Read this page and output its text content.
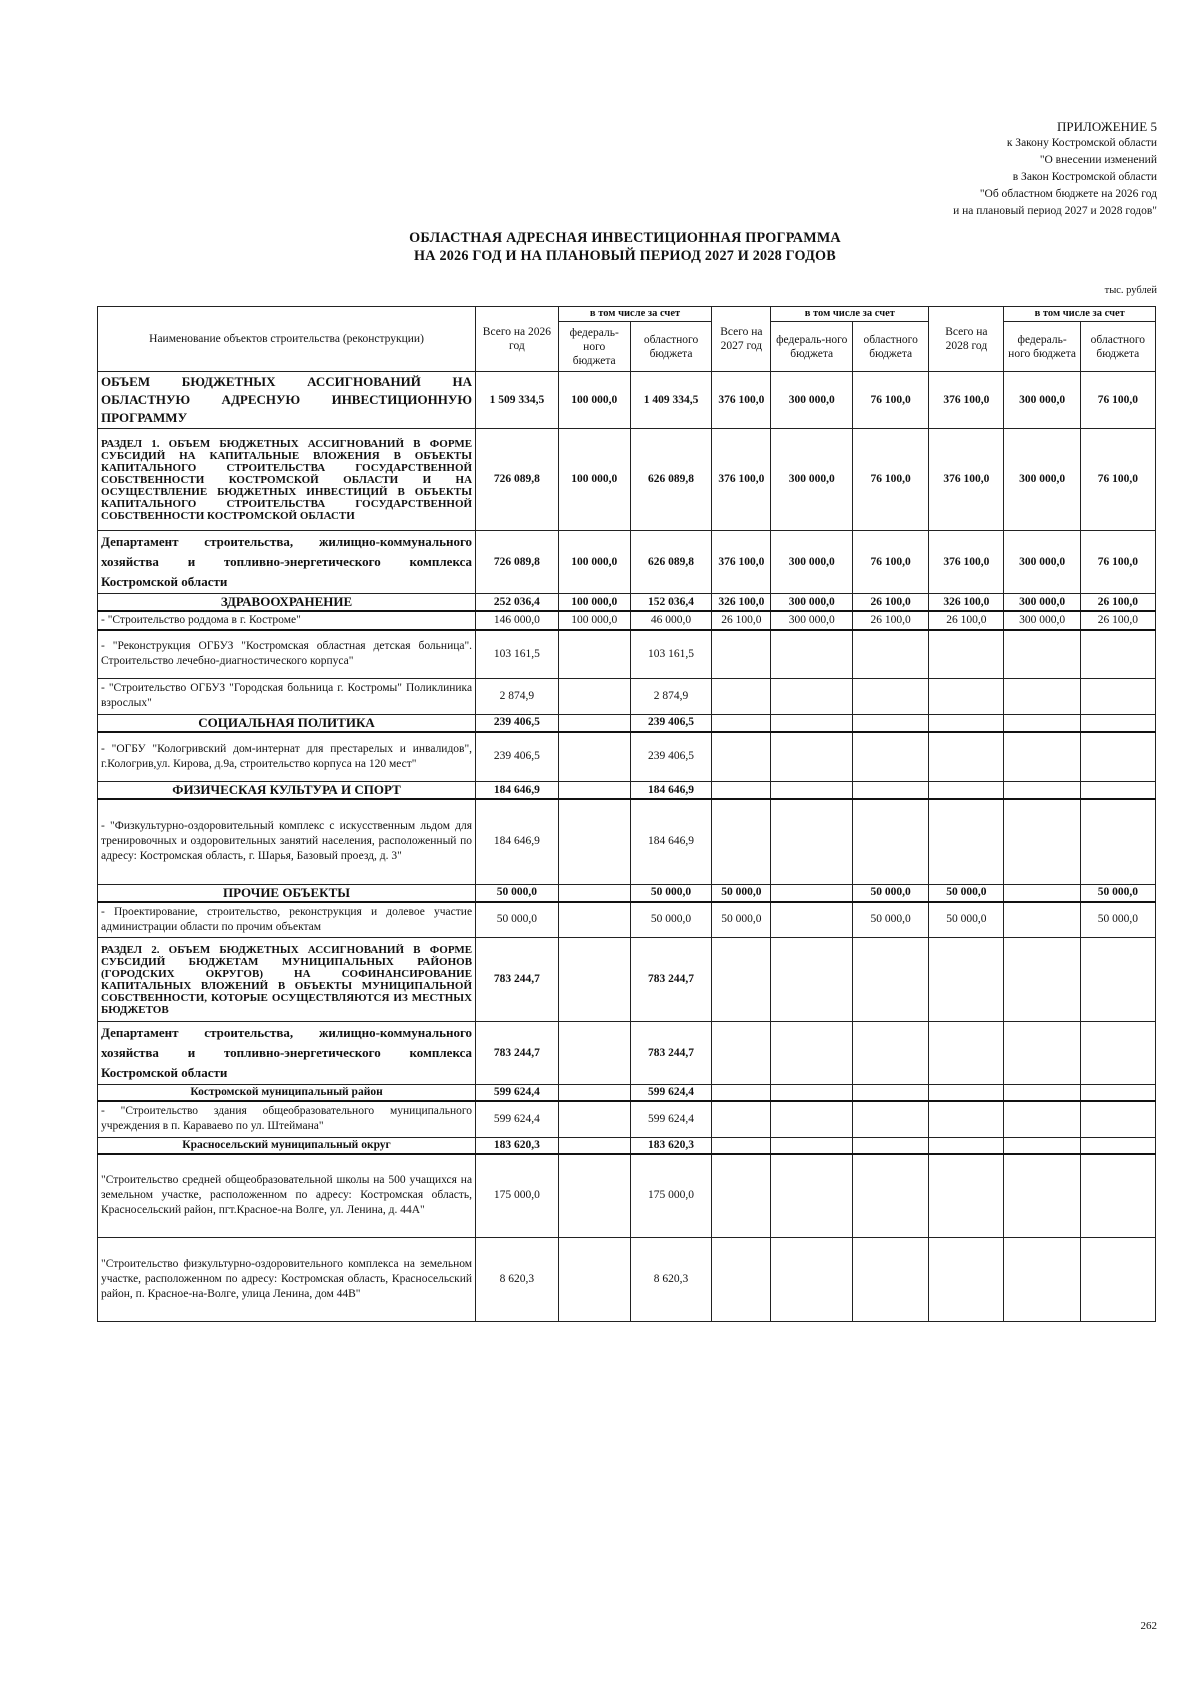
ПРИЛОЖЕНИЕ 5
к Закону Костромской области
"О внесении изменений
в Закон Костромской области
"Об областном бюджете на 2026 год
и на плановый период 2027 и 2028 годов"
ОБЛАСТНАЯ АДРЕСНАЯ ИНВЕСТИЦИОННАЯ ПРОГРАММА
НА 2026 ГОД И НА ПЛАНОВЫЙ ПЕРИОД 2027 И 2028 ГОДОВ
тыс. рублей
Наименование объектов строительства (реконструкции)	Всего на 2026 год	в том числе за счет		Всего на 2027 год	в том числе за счет		Всего на 2028 год	в том числе за счет	
		федераль-ного бюджета	областного бюджета		федераль-ного бюджета	областного бюджета		федераль-ного бюджета	областного бюджета
ОБЪЕМ БЮДЖЕТНЫХ АССИГНОВАНИЙ НА ОБЛАСТНУЮ АДРЕСНУЮ ИНВЕСТИЦИОННУЮ ПРОГРАММУ	1 509 334,5	100 000,0	1 409 334,5	376 100,0	300 000,0	76 100,0	376 100,0	300 000,0	76 100,0
РАЗДЕЛ 1. ОБЪЕМ БЮДЖЕТНЫХ АССИГНОВАНИЙ В ФОРМЕ СУБСИДИЙ НА КАПИТАЛЬНЫЕ ВЛОЖЕНИЯ В ОБЪЕКТЫ КАПИТАЛЬНОГО СТРОИТЕЛЬСТВА ГОСУДАРСТВЕННОЙ СОБСТВЕННОСТИ КОСТРОМСКОЙ ОБЛАСТИ И НА ОСУЩЕСТВЛЕНИЕ БЮДЖЕТНЫХ ИНВЕСТИЦИЙ В ОБЪЕКТЫ КАПИТАЛЬНОГО СТРОИТЕЛЬСТВА ГОСУДАРСТВЕННОЙ СОБСТВЕННОСТИ КОСТРОМСКОЙ ОБЛАСТИ	726 089,8	100 000,0	626 089,8	376 100,0	300 000,0	76 100,0	376 100,0	300 000,0	76 100,0
Департамент строительства, жилищно-коммунального хозяйства и топливно-энергетического комплекса Костромской области	726 089,8	100 000,0	626 089,8	376 100,0	300 000,0	76 100,0	376 100,0	300 000,0	76 100,0
ЗДРАВООХРАНЕНИЕ	252 036,4	100 000,0	152 036,4	326 100,0	300 000,0	26 100,0	326 100,0	300 000,0	26 100,0
- "Строительство роддома в г. Костроме"	146 000,0	100 000,0	46 000,0	26 100,0	300 000,0	26 100,0	26 100,0	300 000,0	26 100,0
- "Реконструкция ОГБУЗ "Костромская областная детская больница". Строительство лечебно-диагностического корпуса"	103 161,5		103 161,5						
- "Строительство ОГБУЗ "Городская больница г. Костромы" Поликлиника взрослых"	2 874,9		2 874,9						
СОЦИАЛЬНАЯ ПОЛИТИКА	239 406,5		239 406,5						
- "ОГБУ "Кологривский дом-интернат для престарелых и инвалидов", г.Кологрив,ул. Кирова, д.9а, строительство корпуса на 120 мест"	239 406,5		239 406,5						
ФИЗИЧЕСКАЯ КУЛЬТУРА И СПОРТ	184 646,9		184 646,9						
- "Физкультурно-оздоровительный комплекс с искусственным льдом для тренировочных и оздоровительных занятий населения, расположенный по адресу: Костромская область, г. Шарья, Базовый проезд, д. 3"	184 646,9		184 646,9						
ПРОЧИЕ ОБЪЕКТЫ	50 000,0		50 000,0	50 000,0		50 000,0	50 000,0		50 000,0
- Проектирование, строительство, реконструкция и долевое участие администрации области по прочим объектам	50 000,0		50 000,0	50 000,0		50 000,0	50 000,0		50 000,0
РАЗДЕЛ 2. ОБЪЕМ БЮДЖЕТНЫХ АССИГНОВАНИЙ В ФОРМЕ СУБСИДИЙ БЮДЖЕТАМ МУНИЦИПАЛЬНЫХ РАЙОНОВ (ГОРОДСКИХ ОКРУГОВ) НА СОФИНАНСИРОВАНИЕ КАПИТАЛЬНЫХ ВЛОЖЕНИЙ В ОБЪЕКТЫ МУНИЦИПАЛЬНОЙ СОБСТВЕННОСТИ, КОТОРЫЕ ОСУЩЕСТВЛЯЮТСЯ ИЗ МЕСТНЫХ БЮДЖЕТОВ	783 244,7		783 244,7						
Департамент строительства, жилищно-коммунального хозяйства и топливно-энергетического комплекса Костромской области	783 244,7		783 244,7						
Костромской муниципальный район	599 624,4		599 624,4						
- "Строительство здания общеобразовательного муниципального учреждения в п. Караваево по ул. Штеймана"	599 624,4		599 624,4						
Красносельский муниципальный округ	183 620,3		183 620,3						
"Строительство средней общеобразовательной школы на 500 учащихся на земельном участке, расположенном по адресу: Костромская область, Красносельский район, пгт.Красное-на Волге, ул. Ленина, д. 44А"	175 000,0		175 000,0						
"Строительство физкультурно-оздоровительного комплекса на земельном участке, расположенном по адресу: Костромская область, Красносельский район, п. Красное-на-Волге, улица Ленина, дом 44В"	8 620,3		8 620,3						
262
